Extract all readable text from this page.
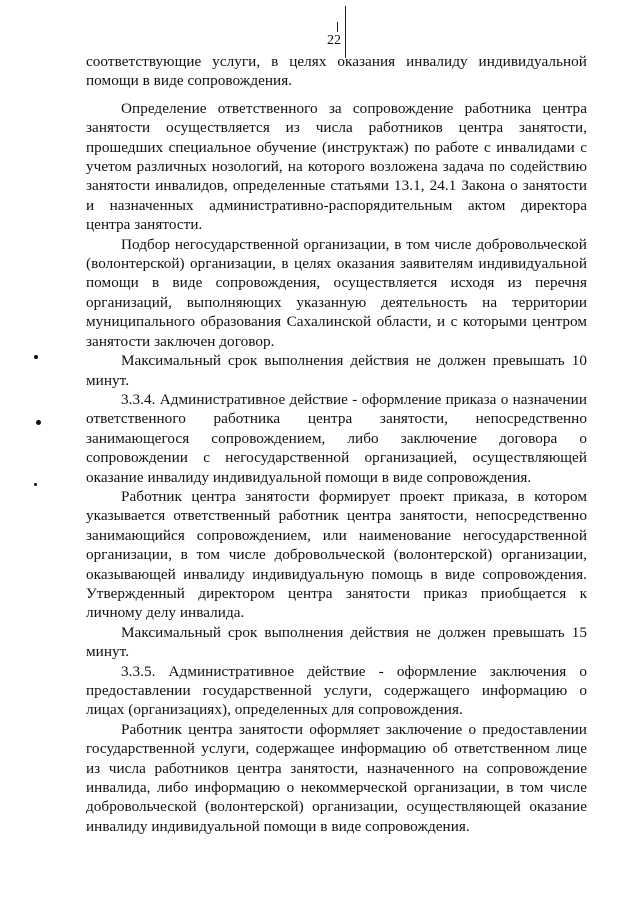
22

соответствующие услуги, в целях оказания инвалиду индивидуальной помощи в виде сопровождения.

Определение ответственного за сопровождение работника центра занятости осуществляется из числа работников центра занятости, прошедших специальное обучение (инструктаж) по работе с инвалидами с учетом различных нозологий, на которого возложена задача по содействию занятости инвалидов, определенные статьями 13.1, 24.1 Закона о занятости и назначенных административно-распорядительным актом директора центра занятости.

Подбор негосударственной организации, в том числе добровольческой (волонтерской) организации, в целях оказания заявителям индивидуальной помощи в виде сопровождения, осуществляется исходя из перечня организаций, выполняющих указанную деятельность на территории муниципального образования Сахалинской области, и с которыми центром занятости заключен договор.

Максимальный срок выполнения действия не должен превышать 10 минут.

3.3.4. Административное действие - оформление приказа о назначении ответственного работника центра занятости, непосредственно занимающегося сопровождением, либо заключение договора о сопровождении с негосударственной организацией, осуществляющей оказание инвалиду индивидуальной помощи в виде сопровождения.

Работник центра занятости формирует проект приказа, в котором указывается ответственный работник центра занятости, непосредственно занимающийся сопровождением, или наименование негосударственной организации, в том числе добровольческой (волонтерской) организации, оказывающей инвалиду индивидуальную помощь в виде сопровождения. Утвержденный директором центра занятости приказ приобщается к личному делу инвалида.

Максимальный срок выполнения действия не должен превышать 15 минут.

3.3.5. Административное действие - оформление заключения о предоставлении государственной услуги, содержащего информацию о лицах (организациях), определенных для сопровождения.

Работник центра занятости оформляет заключение о предоставлении государственной услуги, содержащее информацию об ответственном лице из числа работников центра занятости, назначенного на сопровождение инвалида, либо информацию о некоммерческой организации, в том числе добровольческой (волонтерской) организации, осуществляющей оказание инвалиду индивидуальной помощи в виде сопровождения.
